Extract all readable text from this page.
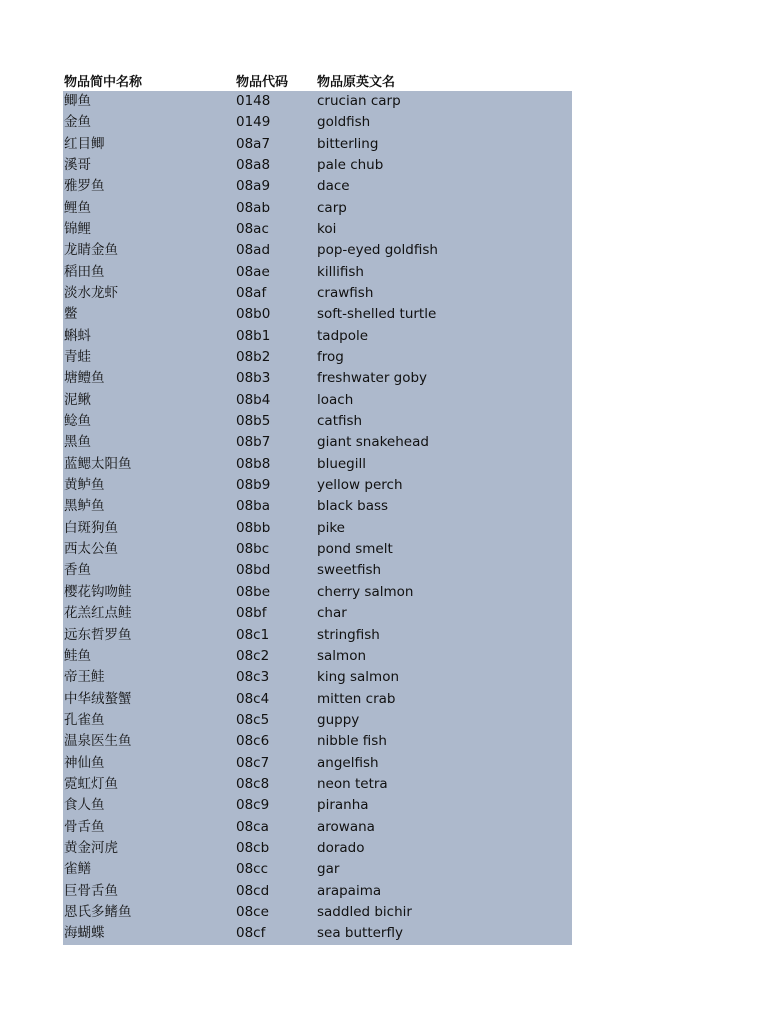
物品简中名称	物品代码	物品原英文名
鲫鱼	0148	crucian carp
金鱼	0149	goldfish
红目鲫	08a7	bitterling
溪哥	08a8	pale chub
雅罗鱼	08a9	dace
鲤鱼	08ab	carp
锦鲤	08ac	koi
龙睛金鱼	08ad	pop-eyed goldfish
稻田鱼	08ae	killifish
淡水龙虾	08af	crawfish
鳖	08b0	soft-shelled turtle
蝌蚪	08b1	tadpole
青蛙	08b2	frog
塘鳢鱼	08b3	freshwater goby
泥鳅	08b4	loach
鲶鱼	08b5	catfish
黑鱼	08b7	giant snakehead
蓝鳃太阳鱼	08b8	bluegill
黄鲈鱼	08b9	yellow perch
黑鲈鱼	08ba	black bass
白斑狗鱼	08bb	pike
西太公鱼	08bc	pond smelt
香鱼	08bd	sweetfish
樱花钩吻鲑	08be	cherry salmon
花羔红点鲑	08bf	char
远东哲罗鱼	08c1	stringfish
鲑鱼	08c2	salmon
帝王鲑	08c3	king salmon
中华绒螯蟹	08c4	mitten crab
孔雀鱼	08c5	guppy
温泉医生鱼	08c6	nibble fish
神仙鱼	08c7	angelfish
霓虹灯鱼	08c8	neon tetra
食人鱼	08c9	piranha
骨舌鱼	08ca	arowana
黄金河虎	08cb	dorado
雀鳝	08cc	gar
巨骨舌鱼	08cd	arapaima
恩氏多鳍鱼	08ce	saddled bichir
海蝴蝶	08cf	sea butterfly
